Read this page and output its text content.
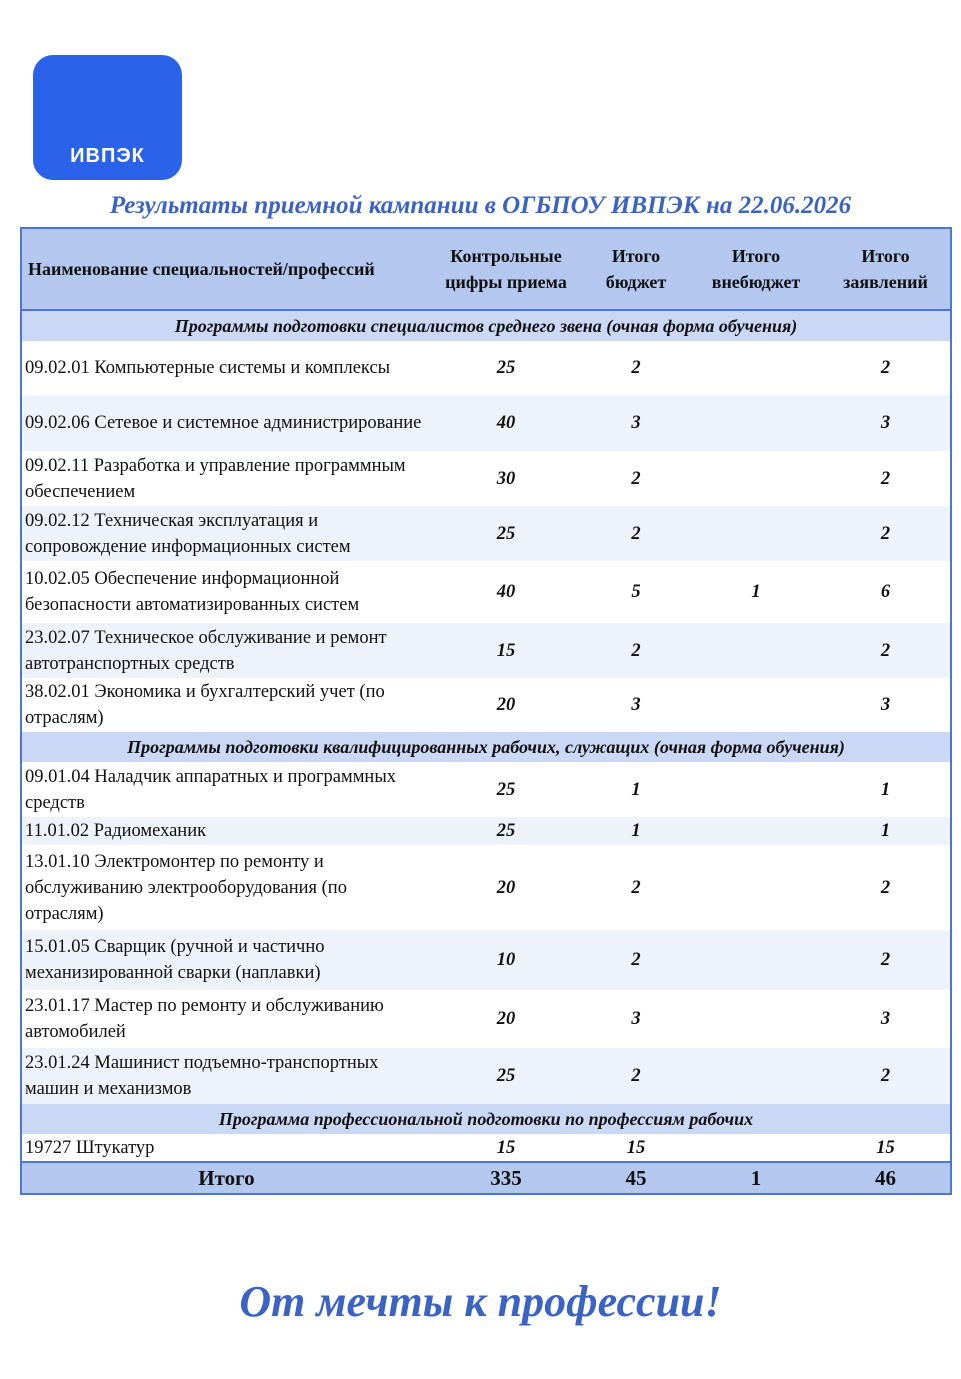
ИВПЭК
Результаты приемной кампании в ОГБПОУ ИВПЭК на 22.06.2026
Наименование специальностей/профессий	Контрольные цифры приема	Итого бюджет	Итого внебюджет	Итого заявлений
Программы подготовки специалистов среднего звена (очная форма обучения)				
09.02.01 Компьютерные системы и комплексы	25	2		2
09.02.06 Сетевое и системное администрирование	40	3		3
09.02.11 Разработка и управление программным обеспечением	30	2		2
09.02.12 Техническая эксплуатация и сопровождение информационных систем	25	2		2
10.02.05 Обеспечение информационной безопасности автоматизированных систем	40	5	1	6
23.02.07 Техническое обслуживание и ремонт автотранспортных средств	15	2		2
38.02.01 Экономика и бухгалтерский учет (по отраслям)	20	3		3
Программы подготовки квалифицированных рабочих, служащих (очная форма обучения)				
09.01.04 Наладчик аппаратных и программных средств	25	1		1
11.01.02 Радиомеханик	25	1		1
13.01.10 Электромонтер по ремонту и обслуживанию электрооборудования (по отраслям)	20	2		2
15.01.05 Сварщик (ручной и частично механизированной сварки (наплавки)	10	2		2
23.01.17 Мастер по ремонту и обслуживанию автомобилей	20	3		3
23.01.24 Машинист подъемно-транспортных машин и механизмов	25	2		2
Программа профессиональной подготовки по профессиям рабочих				
19727 Штукатур	15	15		15
Итого	335	45	1	46
От мечты к профессии!
